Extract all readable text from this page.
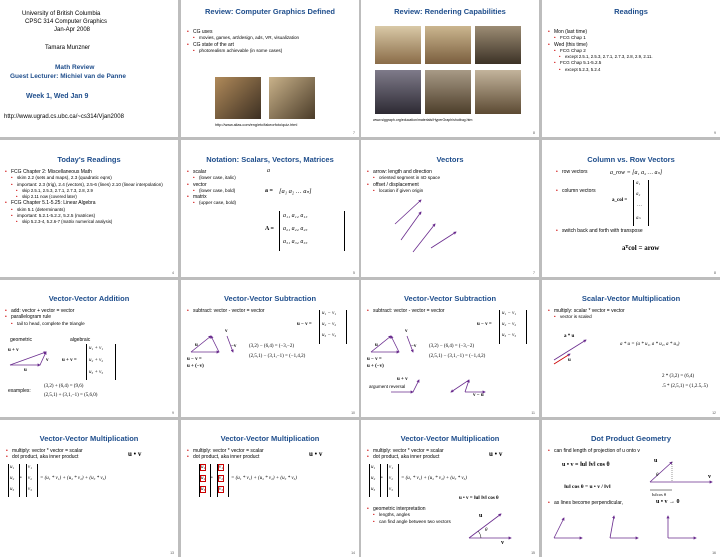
University of British Columbia
CPSC 314 Computer Graphics
Jan-Apr 2008
Tamara Munzner
Math Review
Guest Lecturer: Michiel van de Panne
Week 1, Wed Jan 9
http://www.ugrad.cs.ubc.ca/~cs314/Vjan2008
Review: Computer Graphics Defined
• CG uses
• movies, games, art/design, ads, VR, visualization
• CG state of the art
• photorealism achievable (in some cases)
http://www.alias.com/eng/etc/fakeorfoto/quiz.html
7
Review: Rendering Capabilities
www.siggraph.org/education/materials/HyperGraph/shutbug.htm
8
Readings
• Mon (last time)
• FCG Chap 1
• Wed (this time)
• FCG Chap 2
• except 2.5.1, 2.5.3, 2.7.1, 2.7.3, 2.8, 2.9, 2.11.
• FCG Chap 5.1-5.2.5
• except 5.2.3, 5.2.4
9
Today's Readings
• FCG Chapter 2: Miscellaneous Math
• skim 2.2 (sets and maps), 2.3 (quadratic eqns)
• important: 2.3 (trig), 2.4 (vectors), 2.5-6 (lines) 2.10 (linear interpolation)
• skip 2.5.1, 2.5.3, 2.7.1, 2.7.3, 2.8, 2.9
• skip 2.11 now (covered later)
• FCG Chapter 5.1-5.25: Linear Algebra
• skim 5.1 (determinants)
• important: 5.2.1-5.2.2, 5.2.5 (matrices)
• skip 5.2.3-4, 5.2.6-7 (matrix numerical analysis)
4
Notation: Scalars, Vectors, Matrices
• scalar
• (lower case, italic)
• vector
• (lower case, bold)
• matrix
• (upper case, bold)
a
a = [a₁ a₂ … aₙ]
A =
a₁₁ a₁₂ a₁₃
a₂₁ a₂₂ a₂₃
a₃₁ a₃₂ a₃₃
5
Vectors
• arrow: length and direction
• oriented segment in nD space
• offset / displacement
• location if given origin
7
Column vs. Row Vectors
• row vectors	a_row = [a₁ a₂ … aₙ]
• column vectors
a_col =
a₁
a₂
…
aₙ
• switch back and forth with transpose
aᵀcol = arow
8
Vector-Vector Addition
• add: vector + vector = vector
• parallelogram rule
• tail to head, complete the triangle
geometric	algebraic
u + v
v
u
u + v =
u₁ + v₁
u₂ + v₂
u₃ + v₃
examples:
(3,2) + (6,4) = (9,6)
(2,5,1) + (3,1,−1) = (5,6,0)
9
Vector-Vector Subtraction
• subtract: vector - vector = vector
u − v =
u₁ − v₁
u₂ − v₂
u₃ − v₃
v
u	−v
u − v =
u + (−v)
(3,2) − (6,4) = (−3,−2)
(2,5,1) − (3,1,−1) = (−1,4,2)
10
Vector-Vector Subtraction
• subtract: vector - vector = vector
u − v =
u₁ − v₁
u₂ − v₂
u₃ − v₃
v
u	−v
u − v =
u + (−v)
(3,2) − (6,4) = (−3,−2)
(2,5,1) − (3,1,−1) = (−1,4,2)
u + v
argument reversal
v − u
11
Scalar-Vector Multiplication
• multiply: scalar * vector = vector
• vector is scaled
a * u
u
a * u = (a * u₁, a * u₂, a * u₃)
2 * (3,2) = (6,4)
.5 * (2,5,1) = (1,2.5,.5)
12
Vector-Vector Multiplication
• multiply: vector * vector = scalar
• dot product, aka inner product	u • v
u₁
u₂
u₃
•
v₁
v₂
v₃
= (u₁ * v₁) + (u₂ * v₂) + (u₃ * v₃)
13
Vector-Vector Multiplication
• multiply: vector * vector = scalar
• dot product, aka inner product	u • v
u₁
u₂
u₃
•
v₁
v₂
v₃
= (u₁ * v₁) + (u₂ * v₂) + (u₃ * v₃)
14
Vector-Vector Multiplication
• multiply: vector * vector = scalar
• dot product, aka inner product	u • v
u₁
u₂
u₃
•
v₁
v₂
v₃
= (u₁ * v₁) + (u₂ * v₂) + (u₃ * v₃)
u • v = ‖u‖ ‖v‖ cos θ
• geometric interpretation
• lengths, angles
• can find angle between two vectors
u
θ
v
15
Dot Product Geometry
• can find length of projection of u onto v
u • v = ‖u‖ ‖v‖ cos θ
‖u‖ cos θ = u • v / ‖v‖
u
θ	v
‖u‖cos θ
• as lines become perpendicular,	u • v → 0
16
